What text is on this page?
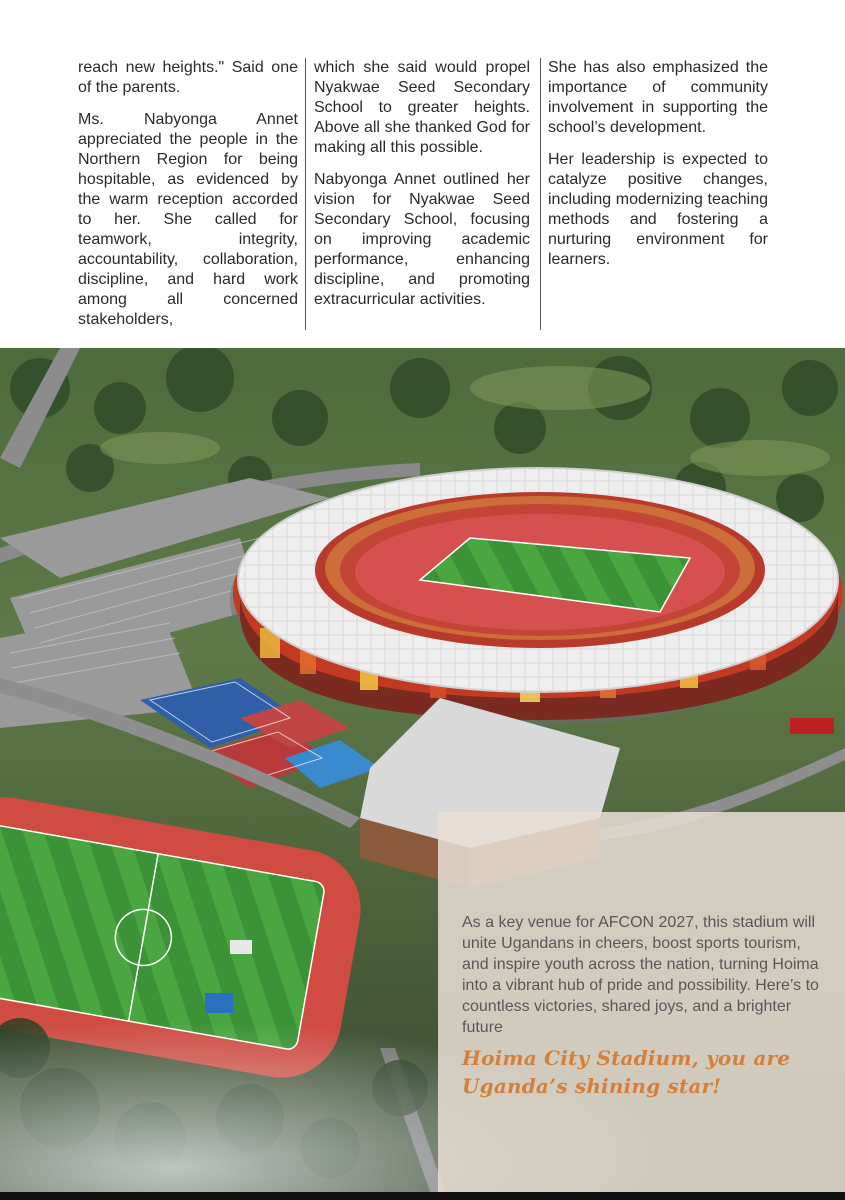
reach new heights." Said one of the parents.

Ms. Nabyonga Annet appreciated the people in the Northern Region for being hospitable, as evidenced by the warm reception accorded to her. She called for teamwork, integrity, accountability, collaboration, discipline, and hard work among all concerned stakeholders,

which she said would propel Nyakwae Seed Secondary School to greater heights. Above all she thanked God for making all this possible.

Nabyonga Annet outlined her vision for Nyakwae Seed Secondary School, focusing on improving academic performance, enhancing discipline, and promoting extracurricular activities.

She has also emphasized the importance of community involvement in supporting the school’s development.

Her leadership is expected to catalyze positive changes, including modernizing teaching methods and fostering a nurturing environment for learners.

As a key venue for AFCON 2027, this stadium will unite Ugandans in cheers, boost sports tourism, and inspire youth across the nation, turning Hoima into a vibrant hub of pride and possibility. Here’s to countless victories, shared joys, and a brighter future

Hoima City Stadium, you are Uganda’s shining star!
